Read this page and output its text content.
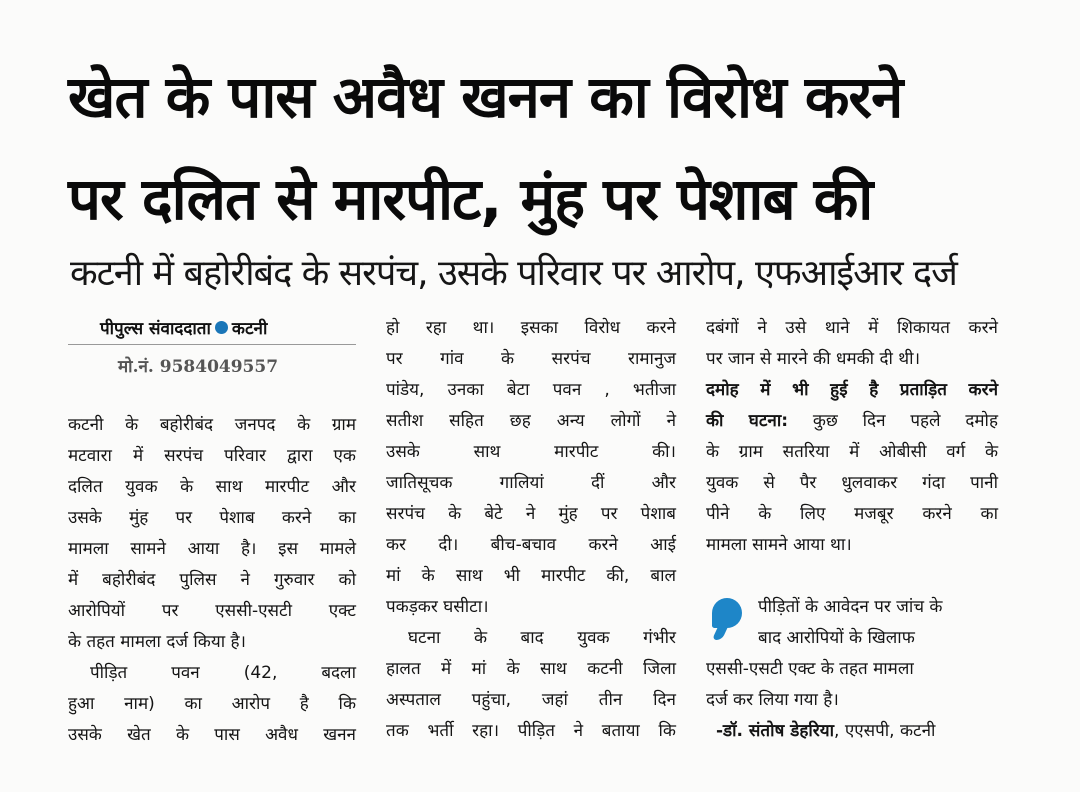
खेत के पास अवैध खनन का विरोध करने
पर दलित से मारपीट, मुंह पर पेशाब की
कटनी में बहोरीबंद के सरपंच, उसके परिवार पर आरोप, एफआईआर दर्ज
पीपुल्स संवाददाता कटनी
मो.नं. 9584049557

कटनी के बहोरीबंद जनपद के ग्राम

मटवारा में सरपंच परिवार द्वारा एक

दलित युवक के साथ मारपीट और

उसके मुंह पर पेशाब करने का

मामला सामने आया है। इस मामले

में बहोरीबंद पुलिस ने गुरुवार को

आरोपियों पर एससी-एसटी एक्ट

के तहत मामला दर्ज किया है।

पीड़ित पवन (42, बदला

हुआ नाम) का आरोप है कि

उसके खेत के पास अवैध खनन

हो रहा था। इसका विरोध करने

पर गांव के सरपंच रामानुज

पांडेय, उनका बेटा पवन , भतीजा

सतीश सहित छह अन्य लोगों ने

उसके साथ मारपीट की।

जातिसूचक गालियां दीं और

सरपंच के बेटे ने मुंह पर पेशाब

कर दी। बीच-बचाव करने आई

मां के साथ भी मारपीट की, बाल

पकड़कर घसीटा।

घटना के बाद युवक गंभीर

हालत में मां के साथ कटनी जिला

अस्पताल पहुंचा, जहां तीन दिन

तक भर्ती रहा। पीड़ित ने बताया कि

दबंगों ने उसे थाने में शिकायत करने

पर जान से मारने की धमकी दी थी।

दमोह में भी हुई है प्रताड़ित करने

की घटना: कुछ दिन पहले दमोह

के ग्राम सतरिया में ओबीसी वर्ग के

युवक से पैर धुलवाकर गंदा पानी

पीने के लिए मजबूर करने का

मामला सामने आया था।

पीड़ितों के आवेदन पर जांच के
बाद आरोपियों के खिलाफ
एससी-एसटी एक्ट के तहत मामला
दर्ज कर लिया गया है।
-डॉ. संतोष डेहरिया, एएसपी, कटनी
